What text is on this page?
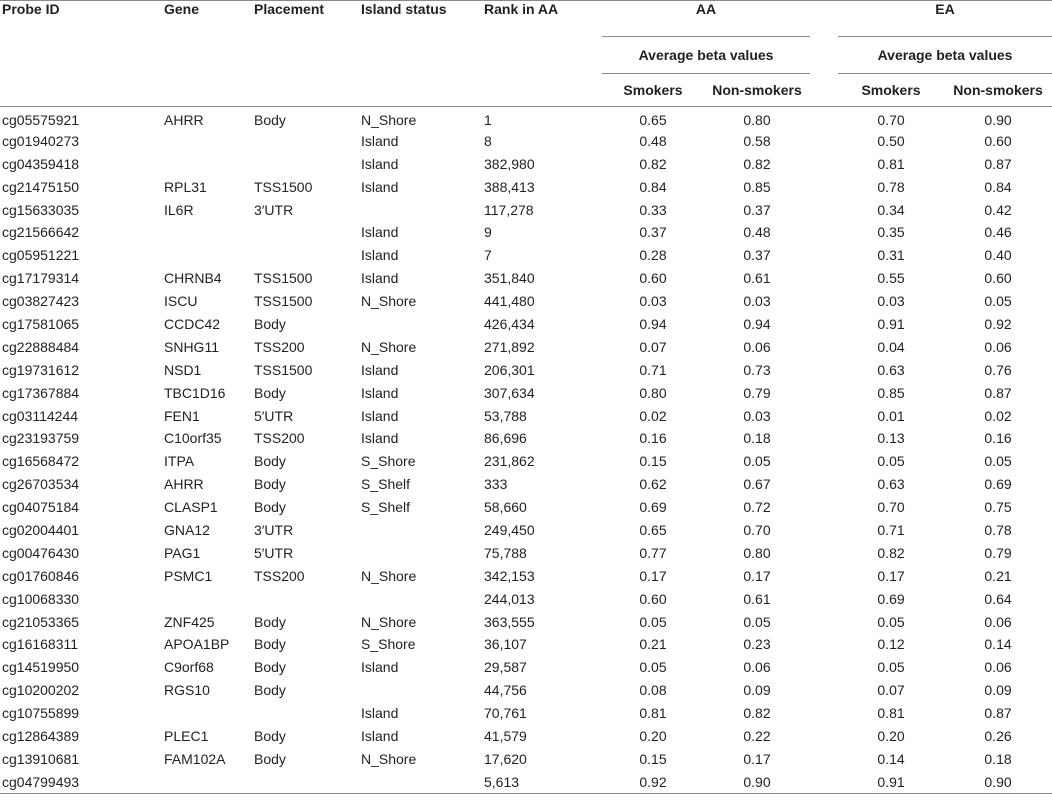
Probe ID	Gene	Placement	Island status	Rank in AA	AA			EA	
					Average beta values			Average beta values	
					Smokers	Non-smokers		Smokers	Non-smokers
cg05575921	AHRR	Body	N_Shore	1	0.65	0.80		0.70	0.90
cg01940273			Island	8	0.48	0.58		0.50	0.60
cg04359418			Island	382,980	0.82	0.82		0.81	0.87
cg21475150	RPL31	TSS1500	Island	388,413	0.84	0.85		0.78	0.84
cg15633035	IL6R	3′UTR		117,278	0.33	0.37		0.34	0.42
cg21566642			Island	9	0.37	0.48		0.35	0.46
cg05951221			Island	7	0.28	0.37		0.31	0.40
cg17179314	CHRNB4	TSS1500	Island	351,840	0.60	0.61		0.55	0.60
cg03827423	ISCU	TSS1500	N_Shore	441,480	0.03	0.03		0.03	0.05
cg17581065	CCDC42	Body		426,434	0.94	0.94		0.91	0.92
cg22888484	SNHG11	TSS200	N_Shore	271,892	0.07	0.06		0.04	0.06
cg19731612	NSD1	TSS1500	Island	206,301	0.71	0.73		0.63	0.76
cg17367884	TBC1D16	Body	Island	307,634	0.80	0.79		0.85	0.87
cg03114244	FEN1	5′UTR	Island	53,788	0.02	0.03		0.01	0.02
cg23193759	C10orf35	TSS200	Island	86,696	0.16	0.18		0.13	0.16
cg16568472	ITPA	Body	S_Shore	231,862	0.15	0.05		0.05	0.05
cg26703534	AHRR	Body	S_Shelf	333	0.62	0.67		0.63	0.69
cg04075184	CLASP1	Body	S_Shelf	58,660	0.69	0.72		0.70	0.75
cg02004401	GNA12	3′UTR		249,450	0.65	0.70		0.71	0.78
cg00476430	PAG1	5′UTR		75,788	0.77	0.80		0.82	0.79
cg01760846	PSMC1	TSS200	N_Shore	342,153	0.17	0.17		0.17	0.21
cg10068330				244,013	0.60	0.61		0.69	0.64
cg21053365	ZNF425	Body	N_Shore	363,555	0.05	0.05		0.05	0.06
cg16168311	APOA1BP	Body	S_Shore	36,107	0.21	0.23		0.12	0.14
cg14519950	C9orf68	Body	Island	29,587	0.05	0.06		0.05	0.06
cg10200202	RGS10	Body		44,756	0.08	0.09		0.07	0.09
cg10755899			Island	70,761	0.81	0.82		0.81	0.87
cg12864389	PLEC1	Body	Island	41,579	0.20	0.22		0.20	0.26
cg13910681	FAM102A	Body	N_Shore	17,620	0.15	0.17		0.14	0.18
cg04799493				5,613	0.92	0.90		0.91	0.90
